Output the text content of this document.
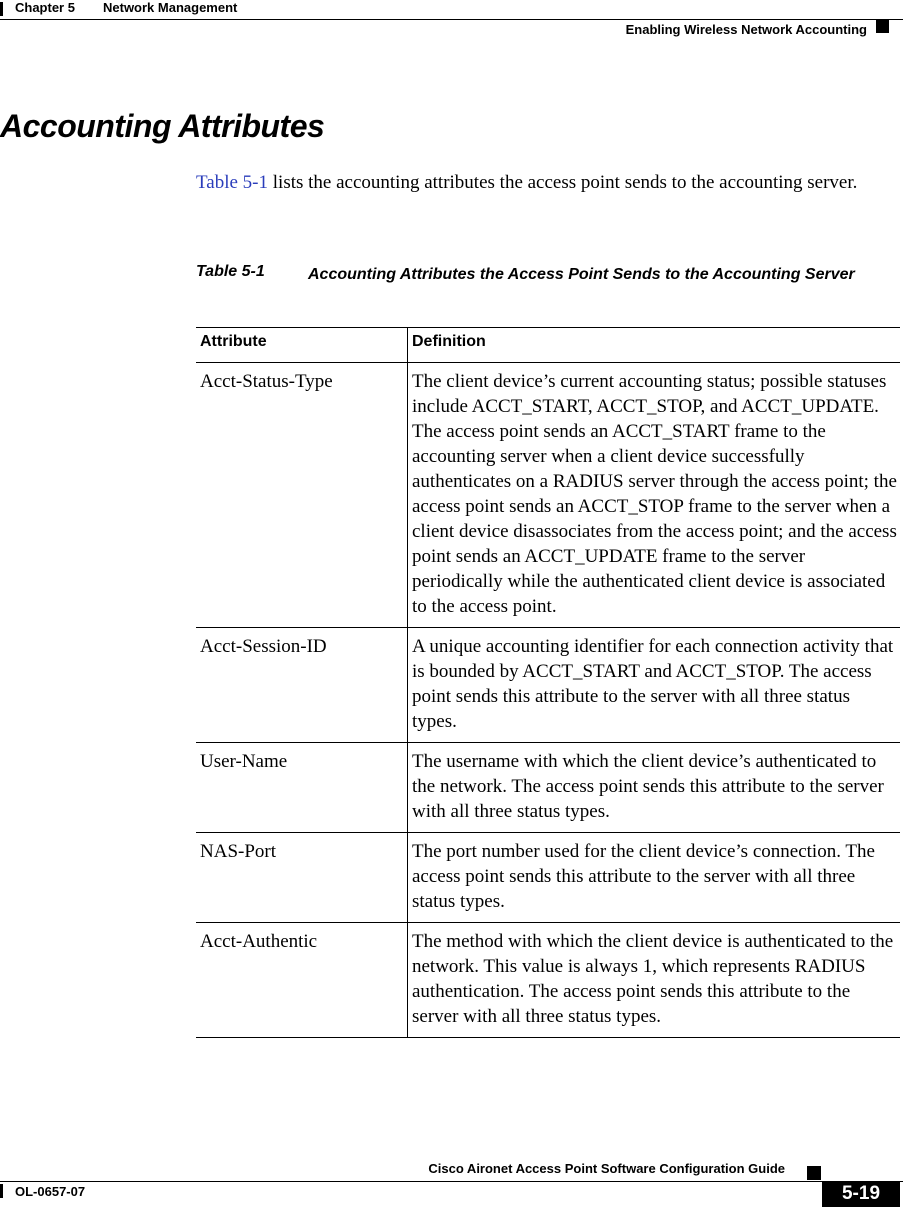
Chapter 5 Network Management
Enabling Wireless Network Accounting
Accounting Attributes
Table 5-1 lists the accounting attributes the access point sends to the accounting server.
Table 5-1	Accounting Attributes the Access Point Sends to the Accounting Server
Attribute	Definition
Acct-Status-Type	The client device’s current accounting status; possible statuses include ACCT_START, ACCT_STOP, and ACCT_UPDATE. The access point sends an ACCT_START frame to the accounting server when a client device successfully authenticates on a RADIUS server through the access point; the access point sends an ACCT_STOP frame to the server when a client device disassociates from the access point; and the access point sends an ACCT_UPDATE frame to the server periodically while the authenticated client device is associated to the access point.
Acct-Session-ID	A unique accounting identifier for each connection activity that is bounded by ACCT_START and ACCT_STOP. The access point sends this attribute to the server with all three status types.
User-Name	The username with which the client device’s authenticated to the network. The access point sends this attribute to the server with all three status types.
NAS-Port	The port number used for the client device’s connection. The access point sends this attribute to the server with all three status types.
Acct-Authentic	The method with which the client device is authenticated to the network. This value is always 1, which represents RADIUS authentication. The access point sends this attribute to the server with all three status types.
Cisco Aironet Access Point Software Configuration Guide
OL-0657-07	5-19
